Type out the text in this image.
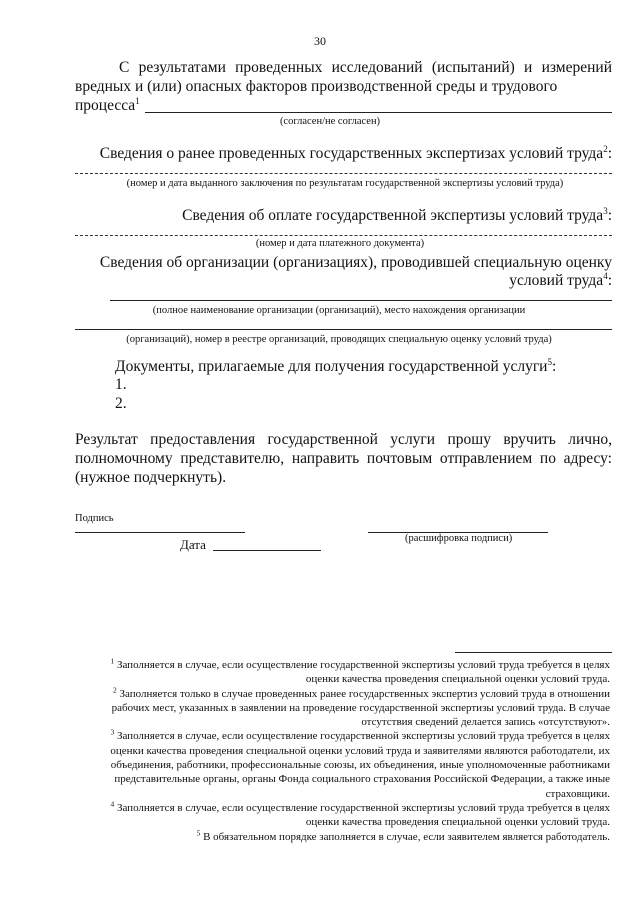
30
С результатами проведенных исследований (испытаний) и измерений вредных и (или) опасных факторов производственной среды и трудового
процесса$^1$
(согласен/не согласен)
Сведения о ранее проведенных государственных экспертизах условий труда$^2$:
(номер и дата выданного заключения по результатам государственной экспертизы условий труда)
Сведения об оплате государственной экспертизы условий труда$^3$:
(номер и дата платежного документа)
Сведения об организации (организациях), проводившей специальную оценку
условий труда$^4$:
(полное наименование организации (организаций), место нахождения организации
(организаций), номер в реестре организаций, проводящих специальную оценку условий труда)
Документы, прилагаемые для получения государственной услуги$^5$:
1.
2.
Результат предоставления государственной услуги прошу вручить лично, полномочному представителю, направить почтовым отправлением по адресу: (нужное подчеркнуть).
Подпись
Дата	(расшифровка подписи)

$^1$ Заполняется в случае, если осуществление государственной экспертизы условий труда требуется в целях оценки качества проведения специальной оценки условий труда.

$^2$ Заполняется только в случае проведенных ранее государственных экспертиз условий труда в отношении рабочих мест, указанных в заявлении на проведение государственной экспертизы условий труда. В случае отсутствия сведений делается запись «отсутствуют».

$^3$ Заполняется в случае, если осуществление государственной экспертизы условий труда требуется в целях оценки качества проведения специальной оценки условий труда и заявителями являются работодатели, их объединения, работники, профессиональные союзы, их объединения, иные уполномоченные работниками представительные органы, органы Фонда социального страхования Российской Федерации, а также иные страховщики.

$^4$ Заполняется в случае, если осуществление государственной экспертизы условий труда требуется в целях оценки качества проведения специальной оценки условий труда.

$^5$ В обязательном порядке заполняется в случае, если заявителем является работодатель.
